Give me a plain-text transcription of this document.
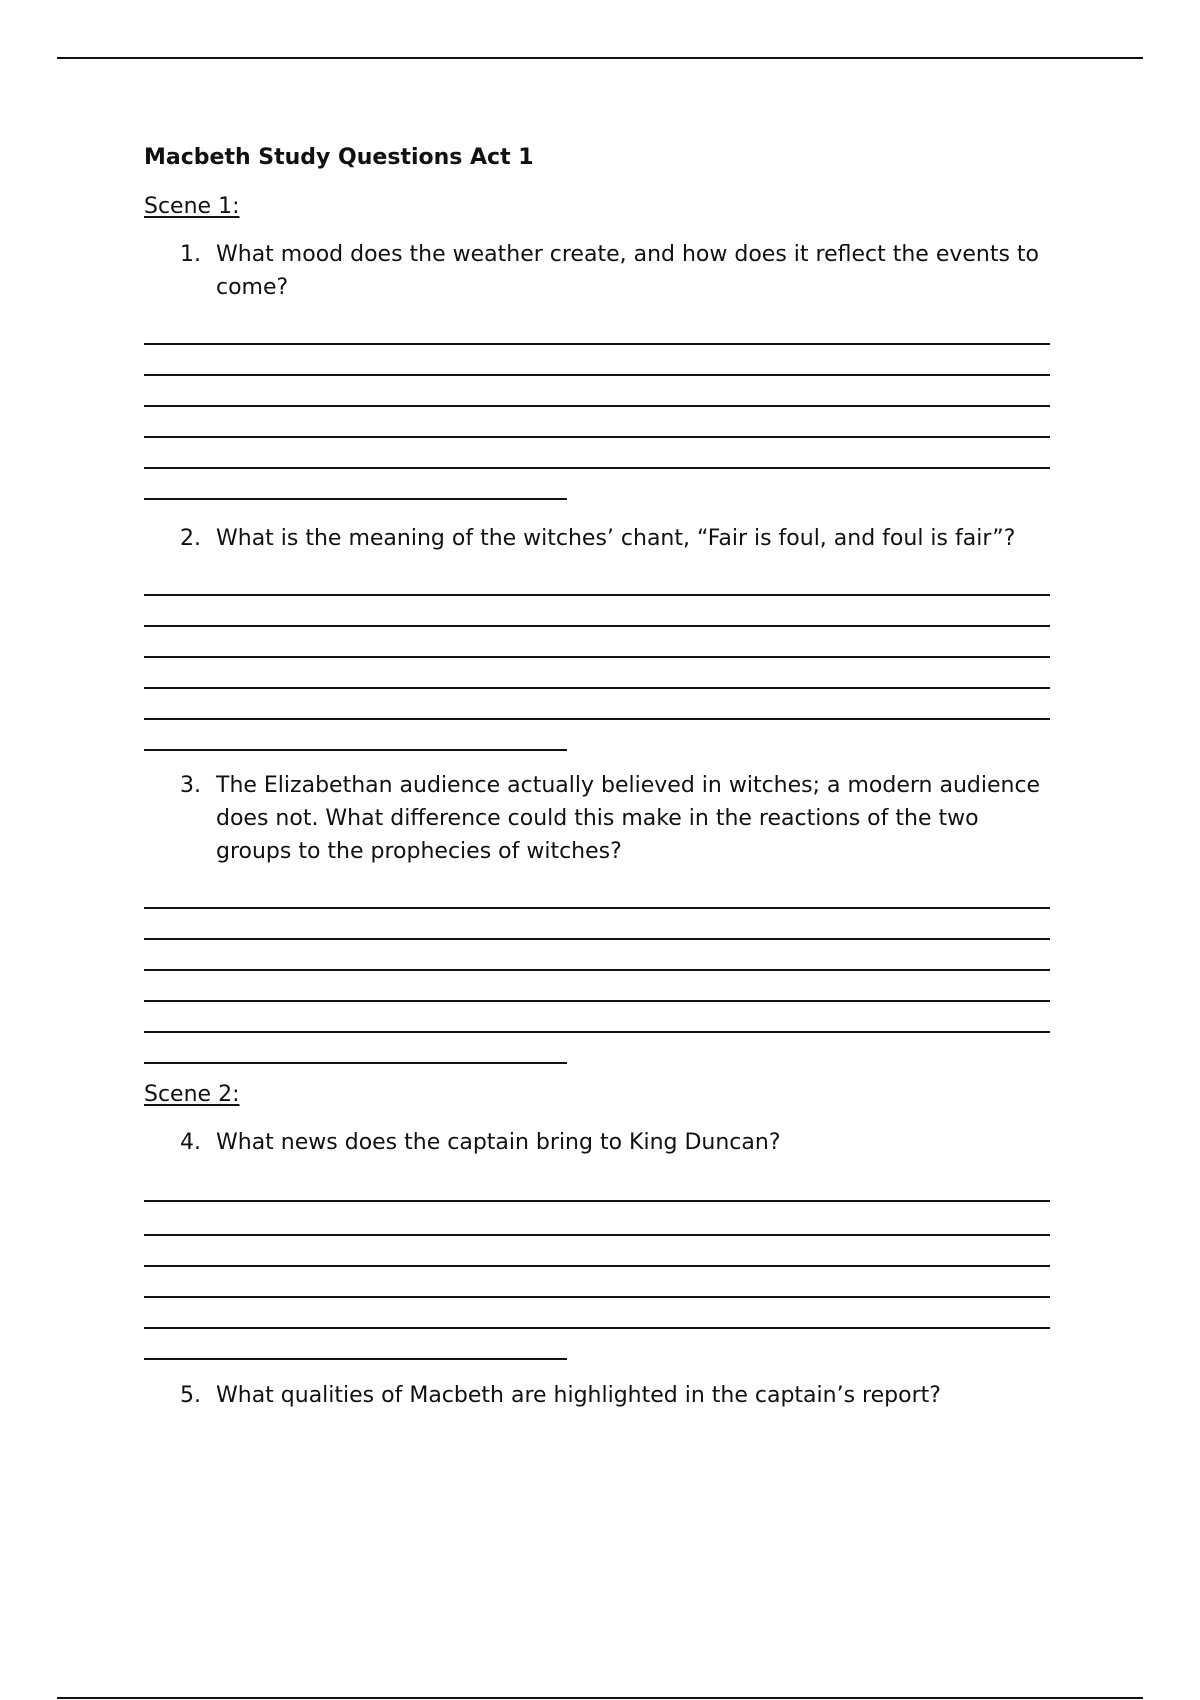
Macbeth Study Questions Act 1
Scene 1:
1. What mood does the weather create, and how does it reflect the events to come?
2. What is the meaning of the witches’ chant, “Fair is foul, and foul is fair”?
3. The Elizabethan audience actually believed in witches; a modern audience does not. What difference could this make in the reactions of the two groups to the prophecies of witches?
Scene 2:
4. What news does the captain bring to King Duncan?
5. What qualities of Macbeth are highlighted in the captain’s report?
